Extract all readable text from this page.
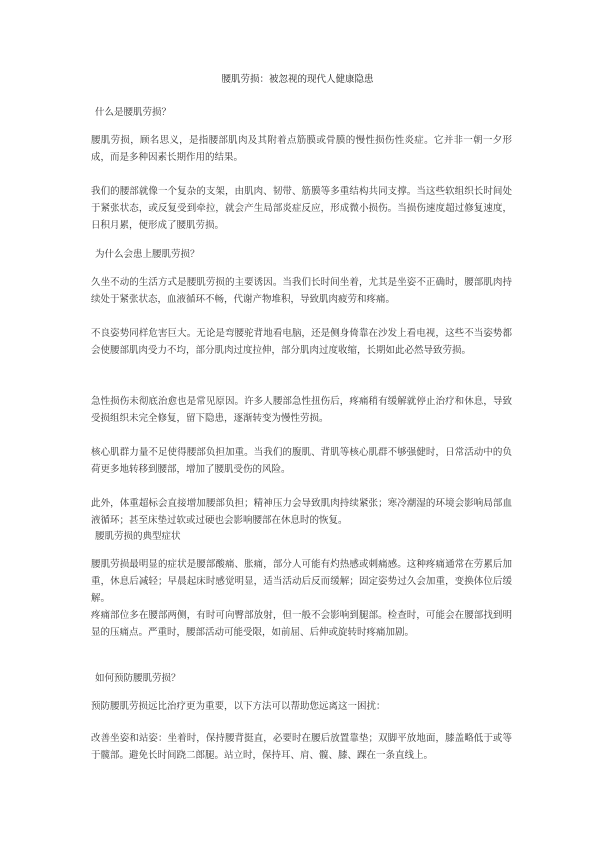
腰肌劳损：被忽视的现代人健康隐患
什么是腰肌劳损？
腰肌劳损，顾名思义，是指腰部肌肉及其附着点筋膜或骨膜的慢性损伤性炎症。它并非一朝一夕形成，而是多种因素长期作用的结果。
我们的腰部就像一个复杂的支架，由肌肉、韧带、筋膜等多重结构共同支撑。当这些软组织长时间处于紧张状态，或反复受到牵拉，就会产生局部炎症反应，形成微小损伤。当损伤速度超过修复速度，日积月累，便形成了腰肌劳损。
为什么会患上腰肌劳损？
久坐不动的生活方式是腰肌劳损的主要诱因。当我们长时间坐着，尤其是坐姿不正确时，腰部肌肉持续处于紧张状态，血液循环不畅，代谢产物堆积，导致肌肉疲劳和疼痛。
不良姿势同样危害巨大。无论是弯腰驼背地看电脑，还是侧身倚靠在沙发上看电视，这些不当姿势都会使腰部肌肉受力不均，部分肌肉过度拉伸，部分肌肉过度收缩，长期如此必然导致劳损。
急性损伤未彻底治愈也是常见原因。许多人腰部急性扭伤后，疼痛稍有缓解就停止治疗和休息，导致受损组织未完全修复，留下隐患，逐渐转变为慢性劳损。
核心肌群力量不足使得腰部负担加重。当我们的腹肌、背肌等核心肌群不够强健时，日常活动中的负荷更多地转移到腰部，增加了腰肌受伤的风险。
此外，体重超标会直接增加腰部负担；精神压力会导致肌肉持续紧张；寒冷潮湿的环境会影响局部血液循环；甚至床垫过软或过硬也会影响腰部在休息时的恢复。
腰肌劳损的典型症状
腰肌劳损最明显的症状是腰部酸痛、胀痛，部分人可能有灼热感或刺痛感。这种疼痛通常在劳累后加重，休息后减轻；早晨起床时感觉明显，适当活动后反而缓解；固定姿势过久会加重，变换体位后缓解。
疼痛部位多在腰部两侧，有时可向臀部放射，但一般不会影响到腿部。检查时，可能会在腰部找到明显的压痛点。严重时，腰部活动可能受限，如前屈、后伸或旋转时疼痛加剧。
如何预防腰肌劳损？
预防腰肌劳损远比治疗更为重要，以下方法可以帮助您远离这一困扰：
改善坐姿和站姿：坐着时，保持腰背挺直，必要时在腰后放置靠垫；双脚平放地面，膝盖略低于或等于髋部。避免长时间跷二郎腿。站立时，保持耳、肩、髋、膝、踝在一条直线上。
